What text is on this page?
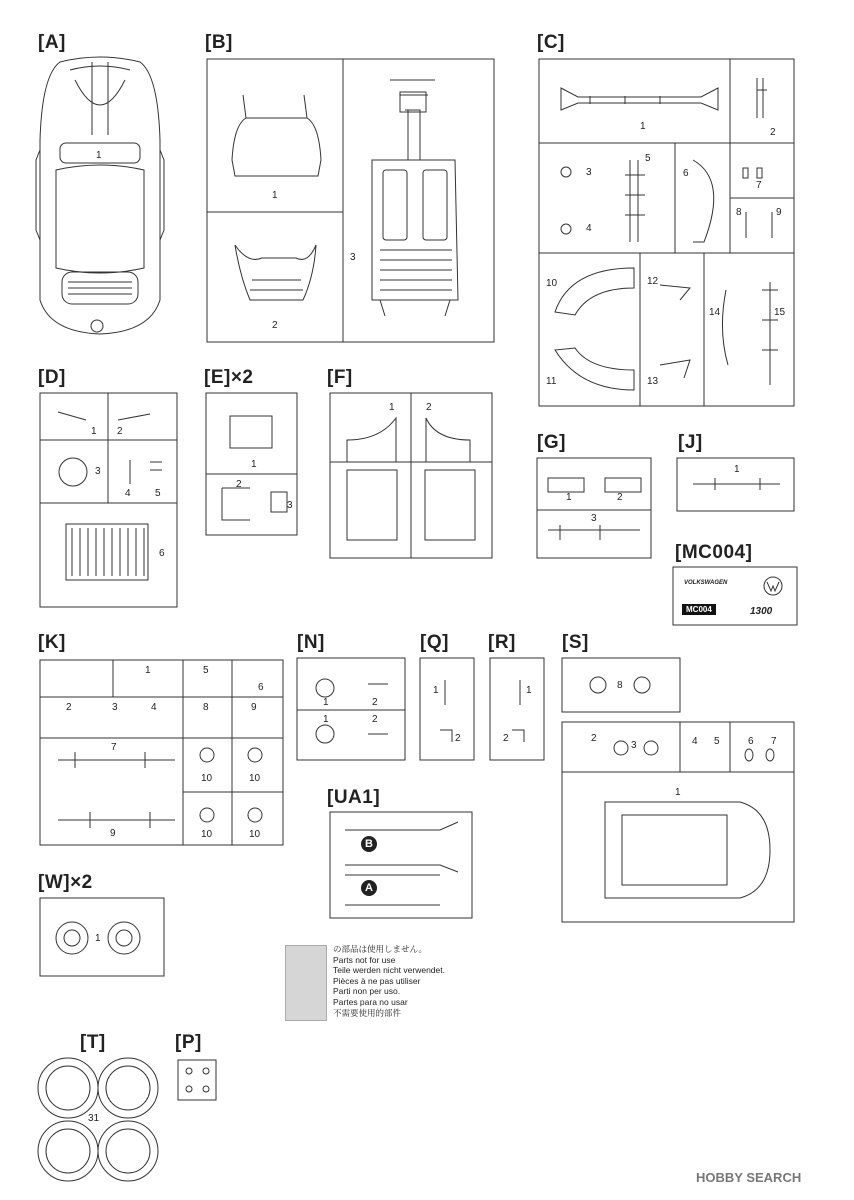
[A]	[B]	[C]
[D]	[E]×2	[F]
[G]	[J]
[MC004]
[K]	[N]	[Q] [R] [S]
[UA1]
[W]×2
[T]	[P]
1
1
2
3
1
2
3
4
5
6
7
8	9
10
11
12
13
14	15
1 2
3
4 5
6
1
2
3
1	2
1	2
3
1
1
2	3	4
5
6
8	9
7
9
10	10
10	10
1	2
1	2
1
2
1
2
8
2
3	4 5	6 7
1
1
31
B
A
VOLKSWAGEN
MC004	1300
の部品は使用しません。
Parts not for use
Teile werden nicht verwendet.
Pièces à ne pas utiliser
Parti non per uso.
Partes para no usar
不需要使用的部件
HOBBY SEARCH
